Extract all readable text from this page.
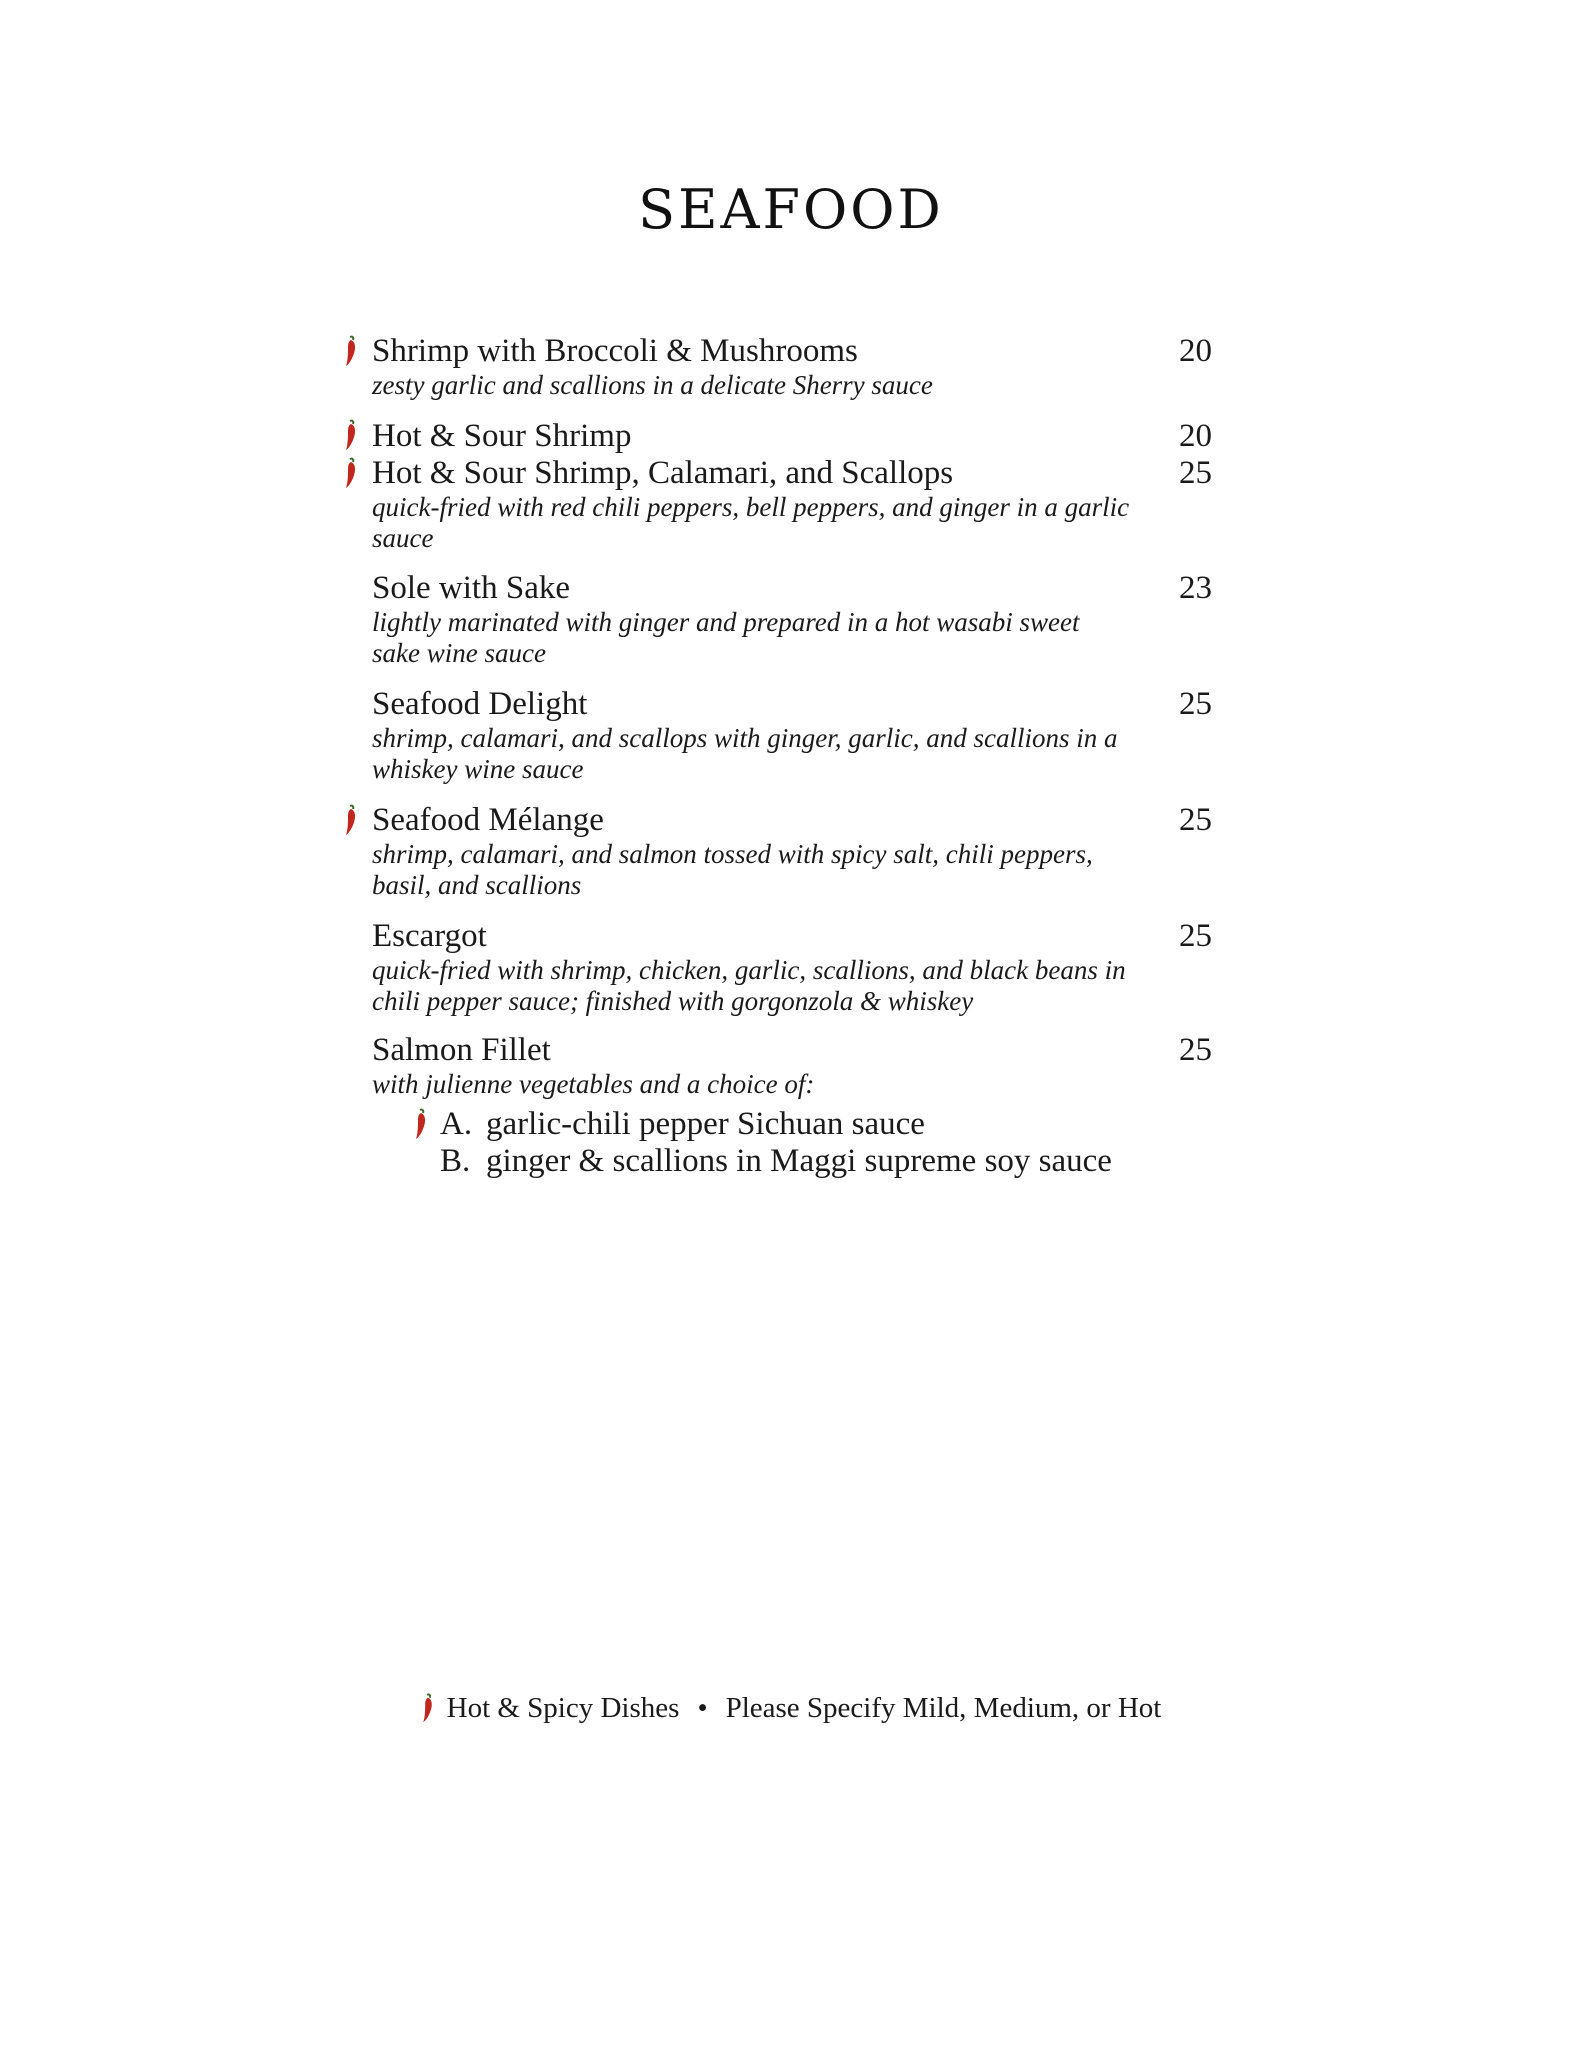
SEAFOOD
Shrimp with Broccoli & Mushrooms	20
zesty garlic and scallions in a delicate Sherry sauce
Hot & Sour Shrimp	20
Hot & Sour Shrimp, Calamari, and Scallops	25
quick-fried with red chili peppers, bell peppers, and ginger in a garlic sauce
Sole with Sake	23
lightly marinated with ginger and prepared in a hot wasabi sweet sake wine sauce
Seafood Delight	25
shrimp, calamari, and scallops with ginger, garlic, and scallions in a whiskey wine sauce
Seafood Mélange	25
shrimp, calamari, and salmon tossed with spicy salt, chili peppers, basil, and scallions
Escargot	25
quick-fried with shrimp, chicken, garlic, scallions, and black beans in chili pepper sauce; finished with gorgonzola & whiskey
Salmon Fillet	25
with julienne vegetables and a choice of:
A. garlic-chili pepper Sichuan sauce
B. ginger & scallions in Maggi supreme soy sauce
Hot & Spicy Dishes • Please Specify Mild, Medium, or Hot
